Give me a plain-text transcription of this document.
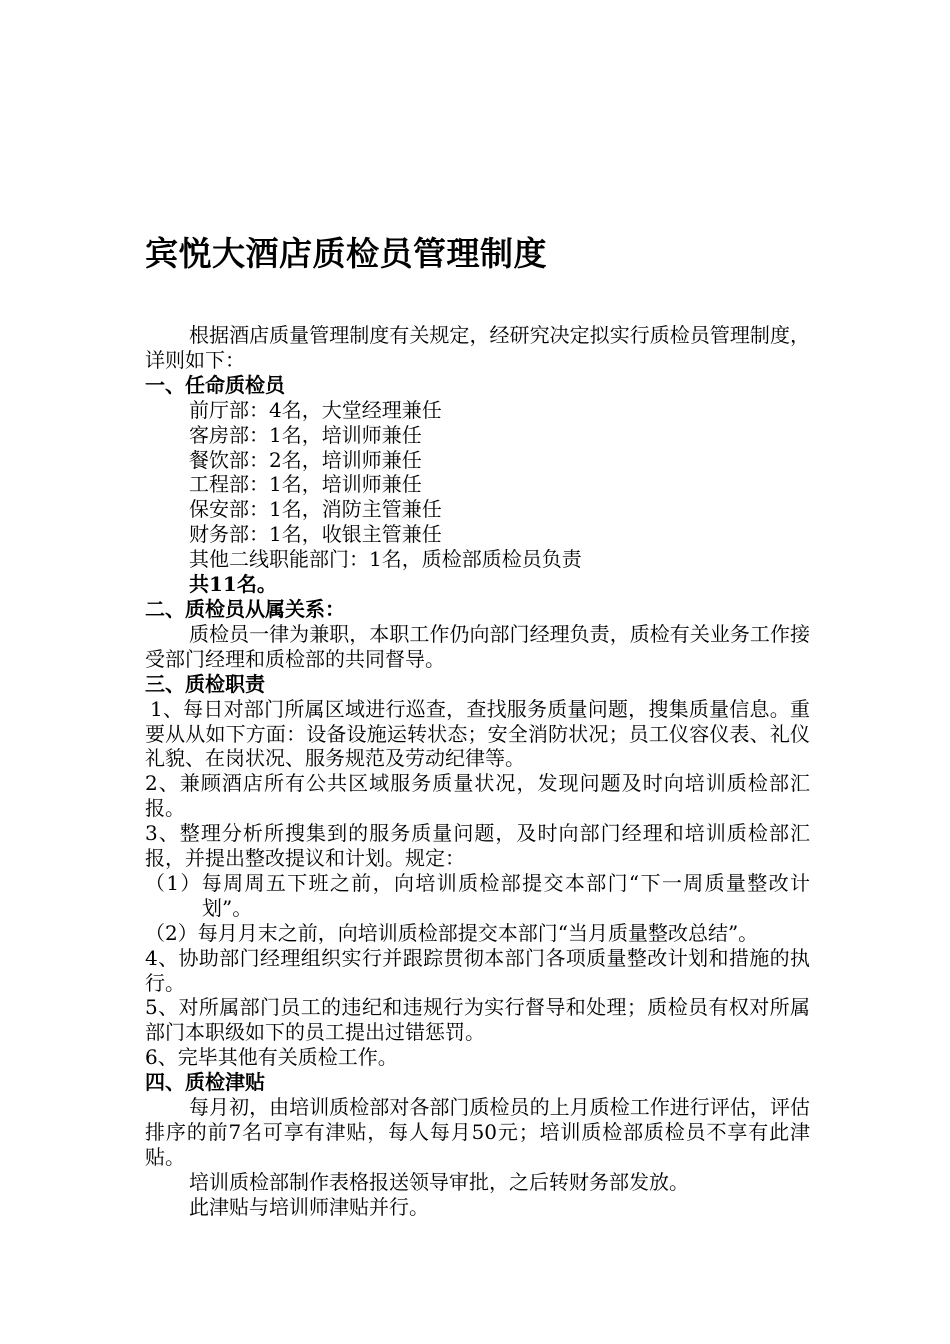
宾悦大酒店质检员管理制度

根据酒店质量管理制度有关规定，经研究决定拟实行质检员管理制度，详则如下：

一、任命质检员

前厅部：4名，大堂经理兼任

客房部：1名，培训师兼任

餐饮部：2名，培训师兼任

工程部：1名，培训师兼任

保安部：1名，消防主管兼任

财务部：1名，收银主管兼任

其他二线职能部门：1名，质检部质检员负责

共11名。

二、质检员从属关系：

质检员一律为兼职，本职工作仍向部门经理负责，质检有关业务工作接受部门经理和质检部的共同督导。

三、质检职责

1、每日对部门所属区域进行巡查，查找服务质量问题，搜集质量信息。重要从从如下方面：设备设施运转状态；安全消防状况；员工仪容仪表、礼仪礼貌、在岗状况、服务规范及劳动纪律等。

2、兼顾酒店所有公共区域服务质量状况，发现问题及时向培训质检部汇报。

3、整理分析所搜集到的服务质量问题，及时向部门经理和培训质检部汇报，并提出整改提议和计划。规定：

（1）每周周五下班之前，向培训质检部提交本部门“下一周质量整改计划”。

（2）每月月末之前，向培训质检部提交本部门“当月质量整改总结”。

4、协助部门经理组织实行并跟踪贯彻本部门各项质量整改计划和措施的执行。

5、对所属部门员工的违纪和违规行为实行督导和处理；质检员有权对所属部门本职级如下的员工提出过错惩罚。

6、完毕其他有关质检工作。

四、质检津贴

每月初，由培训质检部对各部门质检员的上月质检工作进行评估，评估排序的前7名可享有津贴，每人每月50元；培训质检部质检员不享有此津贴。

培训质检部制作表格报送领导审批，之后转财务部发放。

此津贴与培训师津贴并行。
